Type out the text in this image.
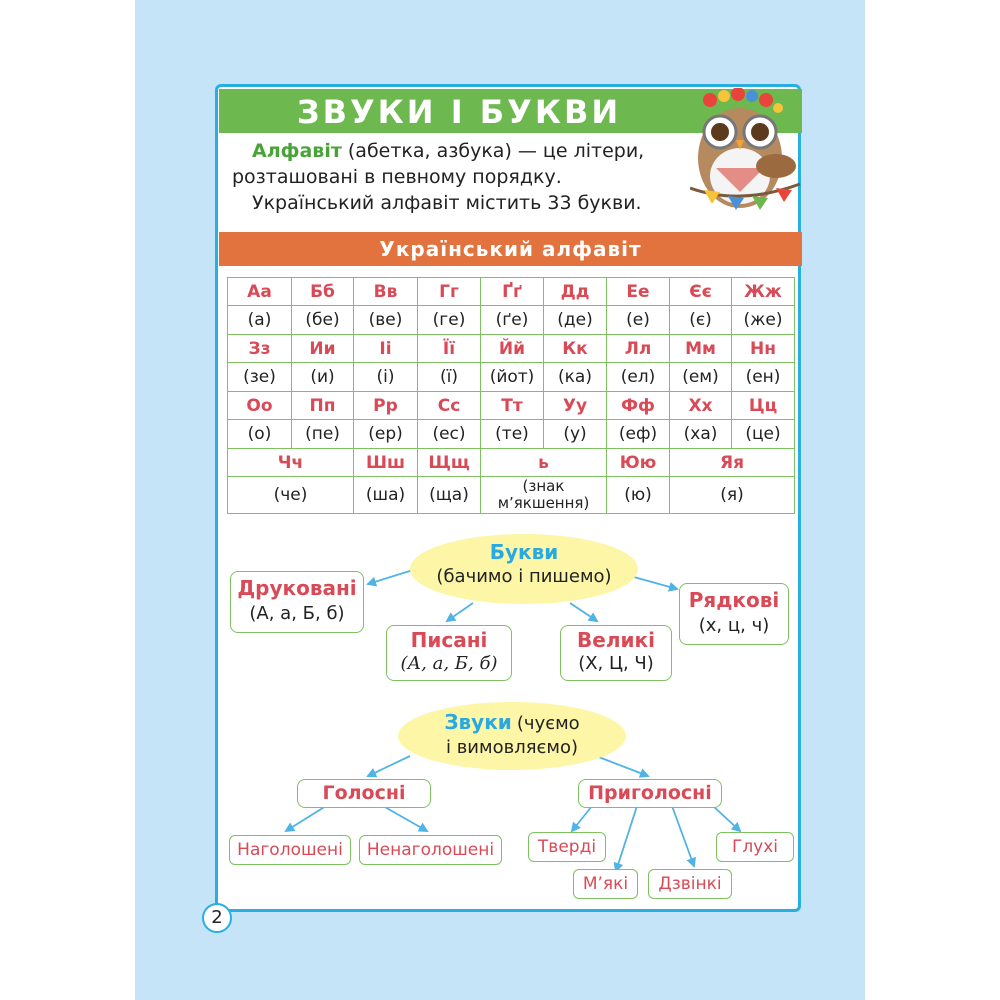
ЗВУКИ І БУКВИ

Алфавіт (абетка, азбука) — це літери, розташовані в певному порядку.

Український алфавіт містить 33 букви.

Український алфавіт
Аа	Бб	Вв	Гг	Ґґ	Дд	Ее	Єє	Жж
(а)	(бе)	(ве)	(ге)	(ґе)	(де)	(е)	(є)	(же)
Зз	Ии	Іі	Її	Йй	Кк	Лл	Мм	Нн
(зе)	(и)	(і)	(ї)	(йот)	(ка)	(ел)	(ем)	(ен)
Оо	Пп	Рр	Сс	Тт	Уу	Фф	Хх	Цц
(о)	(пе)	(ер)	(ес)	(те)	(у)	(еф)	(ха)	(це)
Чч		Шш	Щщ	ь		Юю	Яя	
(че)		(ша)	(ща)	(знак м’якшення)		(ю)	(я)	
Букви
(бачимо і пишемо)
Друковані
(А, а, Б, б)
Писані
(А, а, Б, б)
Великі
(Х, Ц, Ч)
Рядкові
(х, ц, ч)
Звуки (чуємо
і вимовляємо)
Голосні	Приголосні
Наголошені	Ненаголошені	Тверді
М’які	Дзвінкі
Глухі
2
